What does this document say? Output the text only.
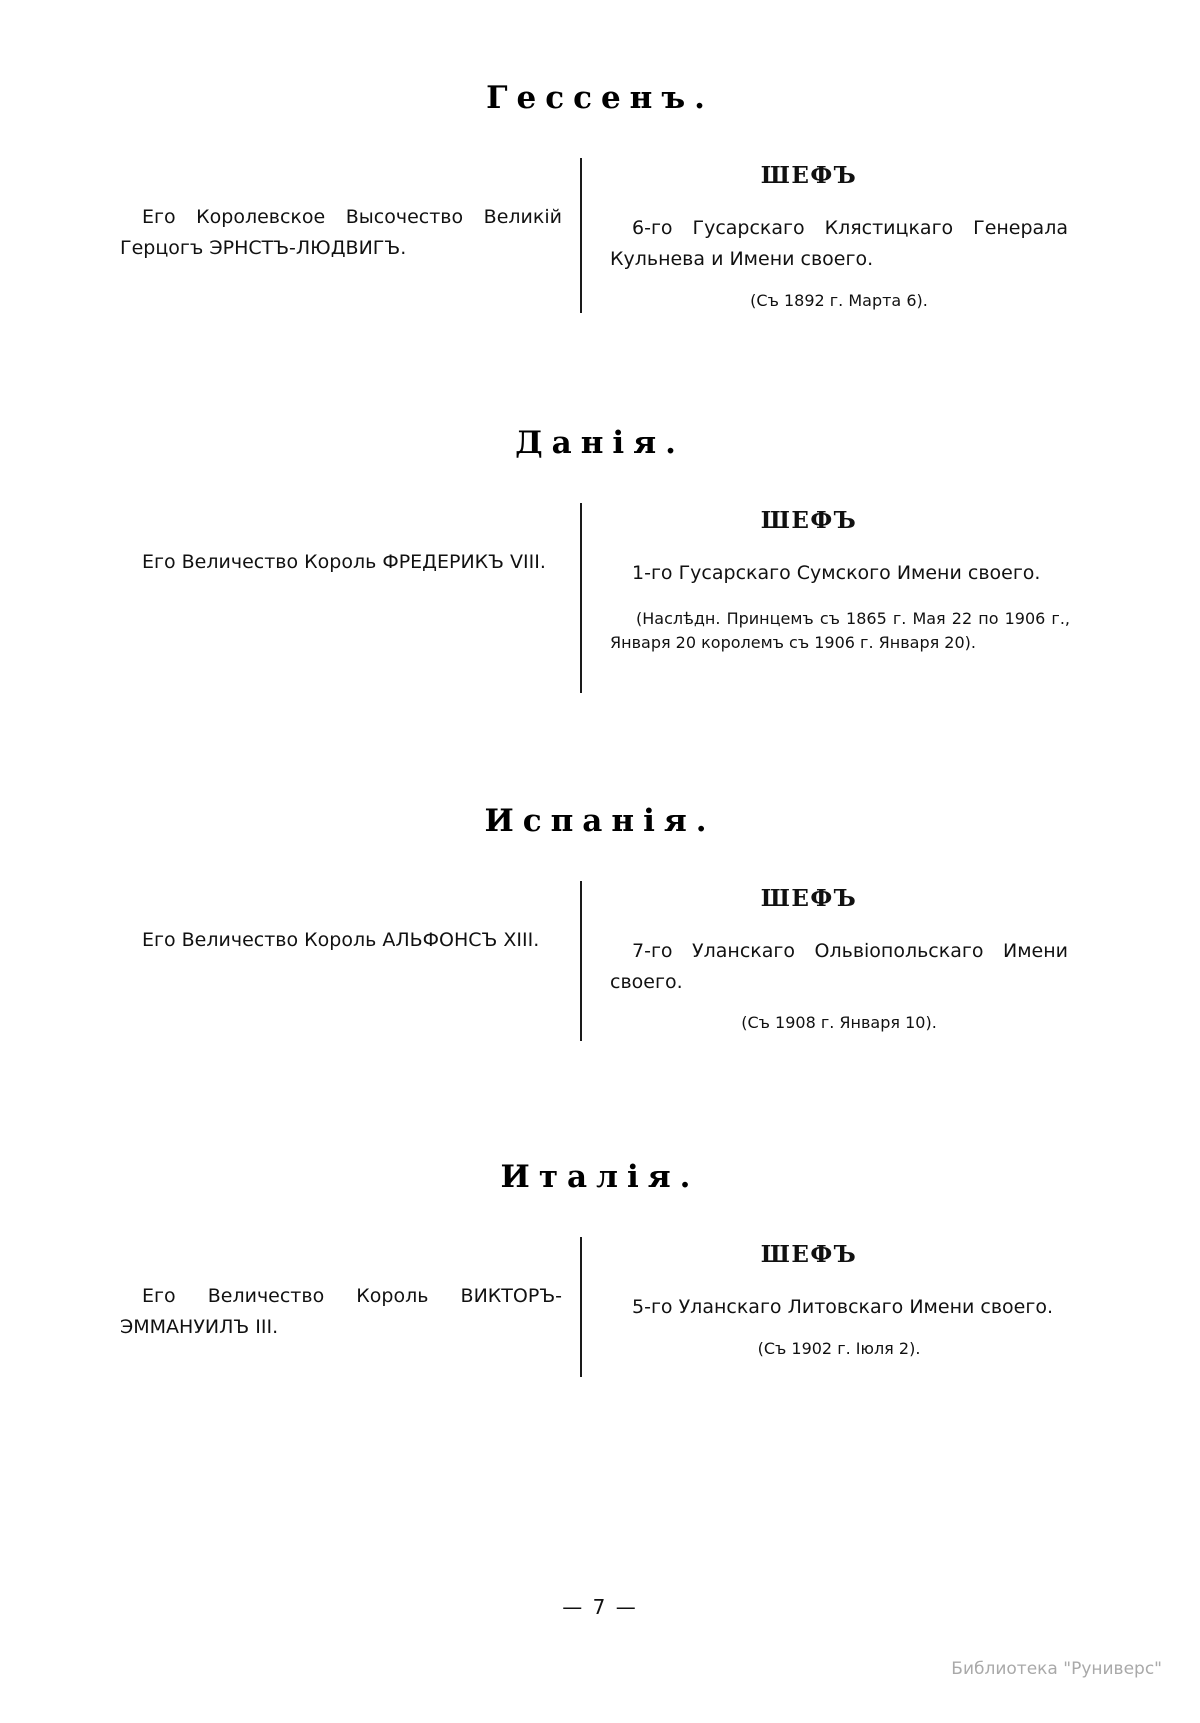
Гессенъ.

Его Королевское Высочество Великій Герцогъ ЭРНСТЪ-ЛЮДВИГЪ.

ШЕФЪ

6-го Гусарскаго Клястицкаго Генерала Кульнева и Имени своего.

(Съ 1892 г. Марта 6).

Данія.

Его Величество Король ФРЕДЕРИКЪ VIII.

ШЕФЪ

1-го Гусарскаго Сумского Имени своего.

(Наслѣдн. Принцемъ съ 1865 г. Мая 22 по 1906 г., Января 20 королемъ съ 1906 г. Января 20).

Испанія.

Его Величество Король АЛЬФОНСЪ XIII.

ШЕФЪ

7-го Уланскаго Ольвіопольскаго Имени своего.

(Съ 1908 г. Января 10).

Италія.

Его Величество Король ВИКТОРЪ-ЭММАНУИЛЪ III.

ШЕФЪ

5-го Уланскаго Литовскаго Имени своего.

(Съ 1902 г. Іюля 2).

— 7 —
Библиотека "Руниверс"
